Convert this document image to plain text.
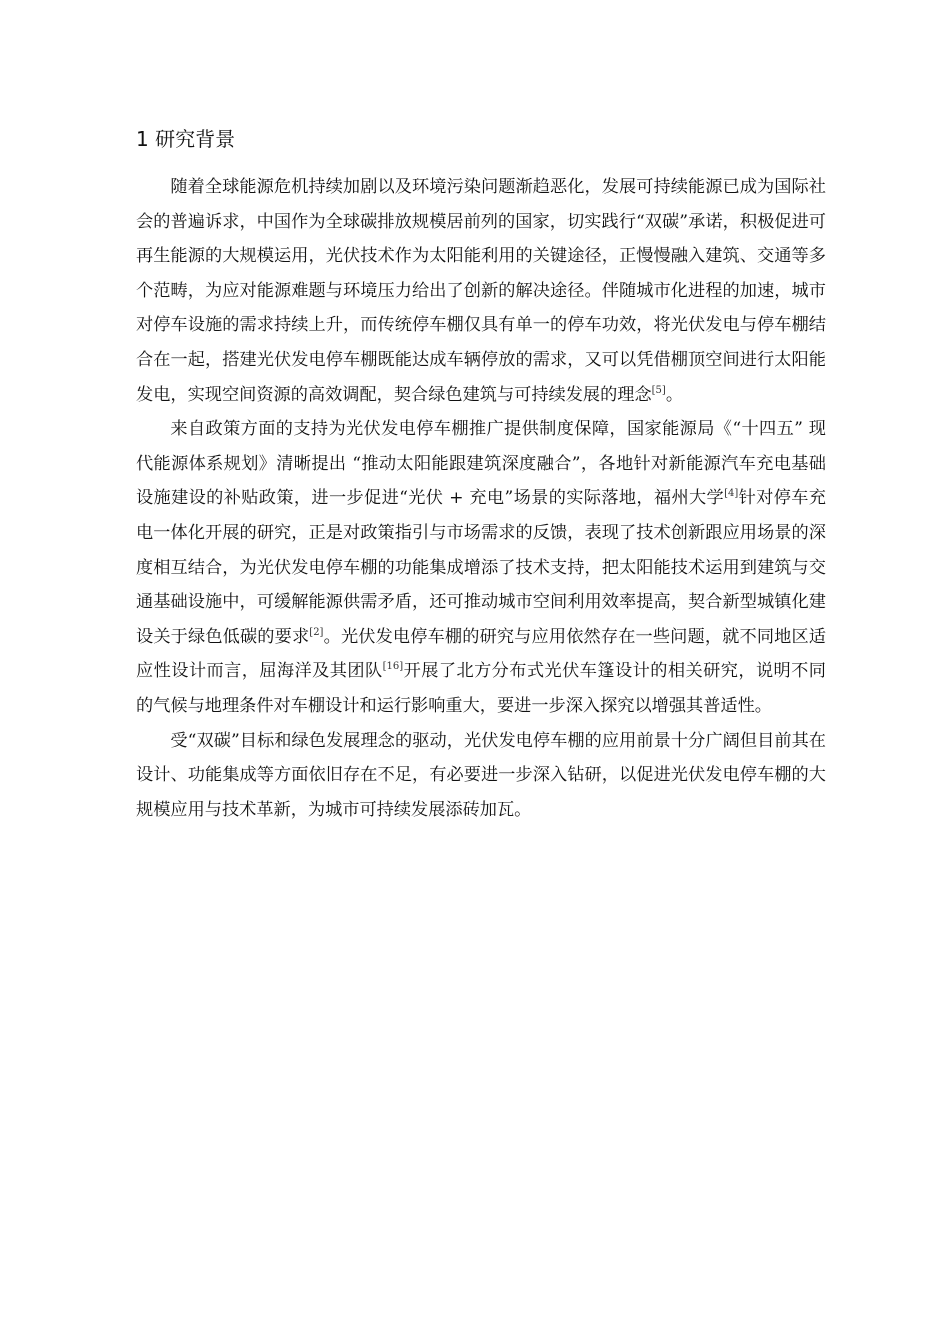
1 研究背景

随着全球能源危机持续加剧以及环境污染问题渐趋恶化，发展可持续能源已成为国际社会的普遍诉求，中国作为全球碳排放规模居前列的国家，切实践行“双碳”承诺，积极促进可再生能源的大规模运用，光伏技术作为太阳能利用的关键途径，正慢慢融入建筑、交通等多个范畴，为应对能源难题与环境压力给出了创新的解决途径。伴随城市化进程的加速，城市对停车设施的需求持续上升，而传统停车棚仅具有单一的停车功效，将光伏发电与停车棚结合在一起，搭建光伏发电停车棚既能达成车辆停放的需求，又可以凭借棚顶空间进行太阳能发电，实现空间资源的高效调配，契合绿色建筑与可持续发展的理念[5]。

来自政策方面的支持为光伏发电停车棚推广提供制度保障，国家能源局《“十四五” 现代能源体系规划》清晰提出 “推动太阳能跟建筑深度融合”，各地针对新能源汽车充电基础设施建设的补贴政策，进一步促进“光伏 + 充电”场景的实际落地，福州大学[4]针对停车充电一体化开展的研究，正是对政策指引与市场需求的反馈，表现了技术创新跟应用场景的深度相互结合，为光伏发电停车棚的功能集成增添了技术支持，把太阳能技术运用到建筑与交通基础设施中，可缓解能源供需矛盾，还可推动城市空间利用效率提高，契合新型城镇化建设关于绿色低碳的要求[2]。光伏发电停车棚的研究与应用依然存在一些问题，就不同地区适应性设计而言，屈海洋及其团队[16]开展了北方分布式光伏车篷设计的相关研究，说明不同的气候与地理条件对车棚设计和运行影响重大，要进一步深入探究以增强其普适性。

受“双碳”目标和绿色发展理念的驱动，光伏发电停车棚的应用前景十分广阔但目前其在设计、功能集成等方面依旧存在不足，有必要进一步深入钻研，以促进光伏发电停车棚的大规模应用与技术革新，为城市可持续发展添砖加瓦。
